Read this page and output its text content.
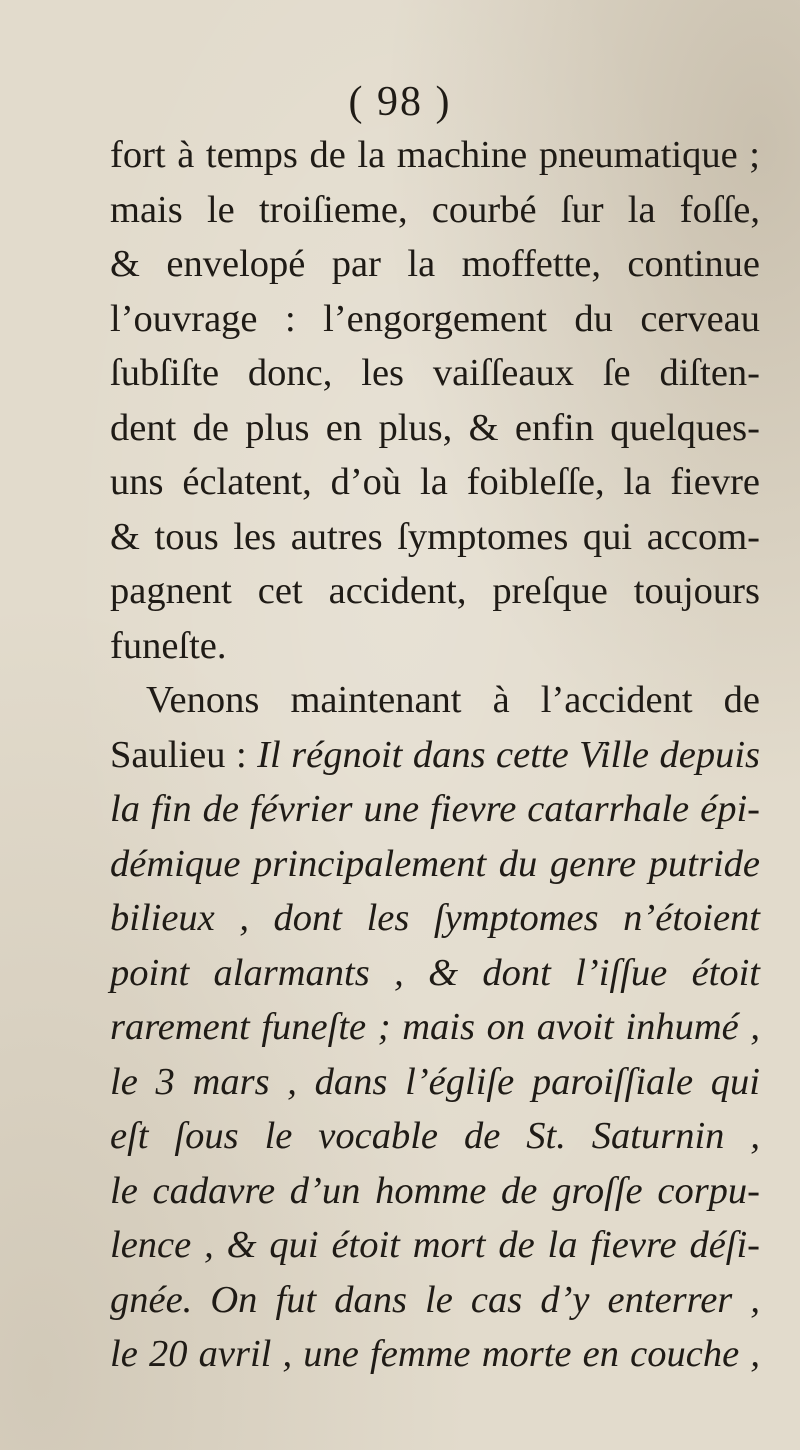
( 98 )
fort à temps de la machine pneumatique ;
mais le troiſieme, courbé ſur la foſſe,
& envelopé par la moffette, continue
l’ouvrage : l’engorgement du cerveau
ſubſiſte donc, les vaiſſeaux ſe diſten-
dent de plus en plus, & enfin quelques-
uns éclatent, d’où la foibleſſe, la fievre
& tous les autres ſymptomes qui accom-
pagnent cet accident, preſque toujours
funeſte.
Venons maintenant à l’accident de
Saulieu : Il régnoit dans cette Ville depuis
la fin de février une fievre catarrhale épi-
démique principalement du genre putride
bilieux , dont les ſymptomes n’étoient
point alarmants , & dont l’iſſue étoit
rarement funeſte ; mais on avoit inhumé ,
le 3 mars , dans l’égliſe paroiſſiale qui
eſt ſous le vocable de St. Saturnin ,
le cadavre d’un homme de groſſe corpu-
lence , & qui étoit mort de la fievre déſi-
gnée. On fut dans le cas d’y enterrer ,
le 20 avril , une femme morte en couche ,
